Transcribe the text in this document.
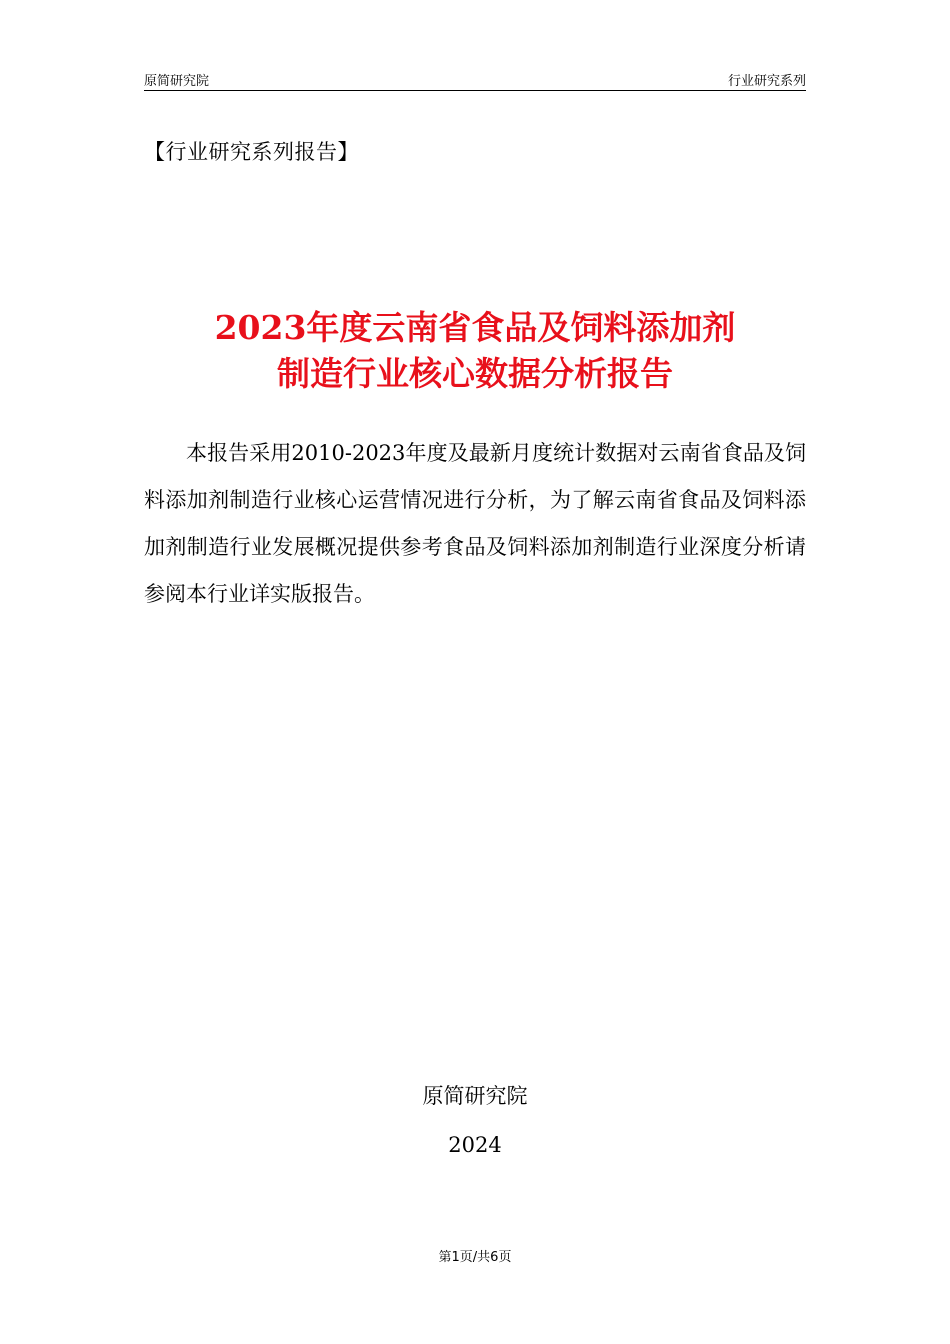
原简研究院	行业研究系列
【行业研究系列报告】
2023年度云南省食品及饲料添加剂
制造行业核心数据分析报告

本报告采用2010-2023年度及最新月度统计数据对云南省食品及饲料添加剂制造行业核心运营情况进行分析，为了解云南省食品及饲料添加剂制造行业发展概况提供参考食品及饲料添加剂制造行业深度分析请参阅本行业详实版报告。

原简研究院
2024
第1页/共6页
